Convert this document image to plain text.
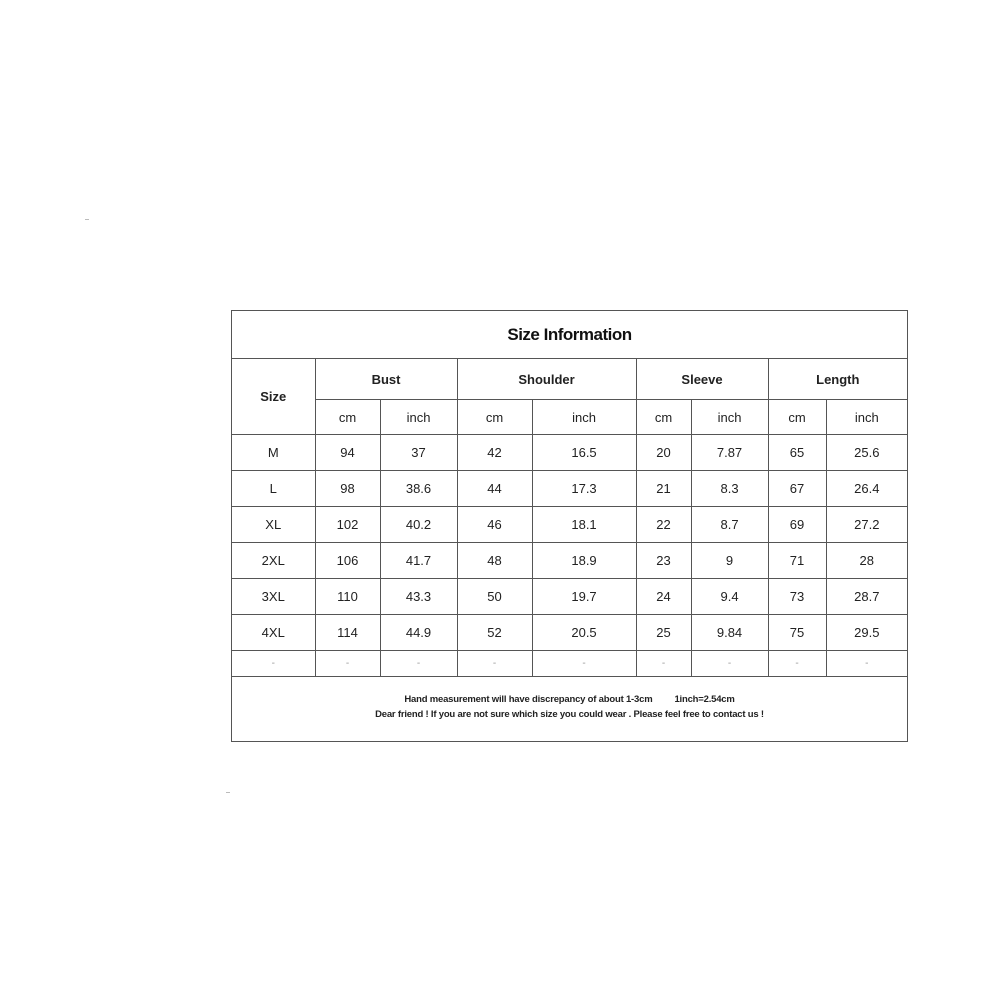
Size Information
Size	Bust		Shoulder		Sleeve		Length	
	cm	inch	cm	inch	cm	inch	cm	inch
M	94	37	42	16.5	20	7.87	65	25.6
L	98	38.6	44	17.3	21	8.3	67	26.4
XL	102	40.2	46	18.1	22	8.7	69	27.2
2XL	106	41.7	48	18.9	23	9	71	28
3XL	110	43.3	50	19.7	24	9.4	73	28.7
4XL	114	44.9	52	20.5	25	9.84	75	29.5
-	-	-	-	-	-	-	-	-
Hand measurement will have discrepancy of about 1-3cm 1inch=2.54cm
Dear friend ! If you are not sure which size you could wear . Please feel free to contact us !
